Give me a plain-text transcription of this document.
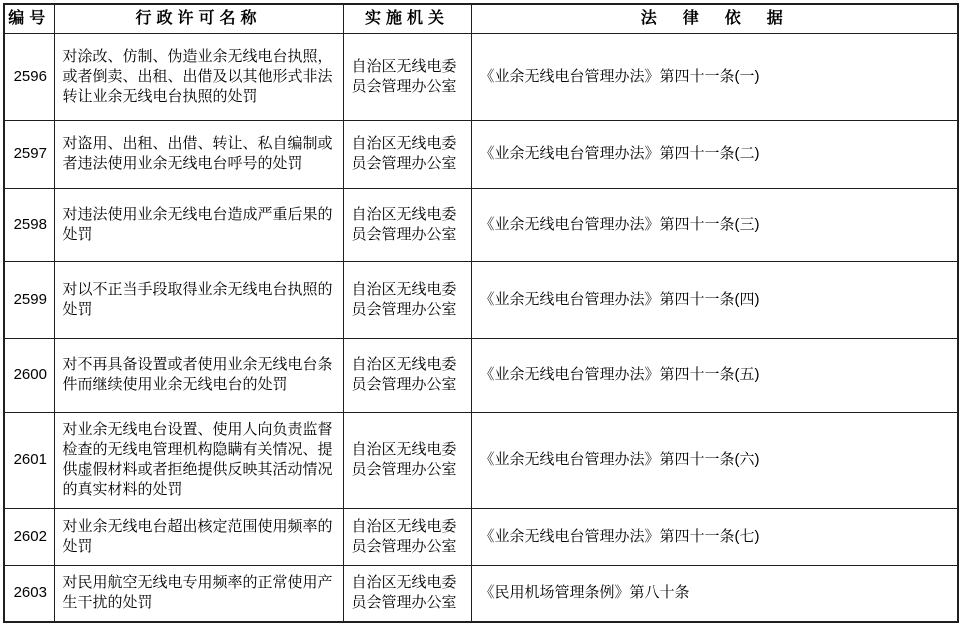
编号	行政许可名称	实施机关	法　律　依　据
2596	对涂改、仿制、伪造业余无线电台执照，或者倒卖、出租、出借及以其他形式非法转让业余无线电台执照的处罚	自治区无线电委员会管理办公室	《业余无线电台管理办法》第四十一条(一)
2597	对盗用、出租、出借、转让、私自编制或者违法使用业余无线电台呼号的处罚	自治区无线电委员会管理办公室	《业余无线电台管理办法》第四十一条(二)
2598	对违法使用业余无线电台造成严重后果的处罚	自治区无线电委员会管理办公室	《业余无线电台管理办法》第四十一条(三)
2599	对以不正当手段取得业余无线电台执照的处罚	自治区无线电委员会管理办公室	《业余无线电台管理办法》第四十一条(四)
2600	对不再具备设置或者使用业余无线电台条件而继续使用业余无线电台的处罚	自治区无线电委员会管理办公室	《业余无线电台管理办法》第四十一条(五)
2601	对业余无线电台设置、使用人向负责监督检查的无线电管理机构隐瞒有关情况、提供虚假材料或者拒绝提供反映其活动情况的真实材料的处罚	自治区无线电委员会管理办公室	《业余无线电台管理办法》第四十一条(六)
2602	对业余无线电台超出核定范围使用频率的处罚	自治区无线电委员会管理办公室	《业余无线电台管理办法》第四十一条(七)
2603	对民用航空无线电专用频率的正常使用产生干扰的处罚	自治区无线电委员会管理办公室	《民用机场管理条例》第八十条
